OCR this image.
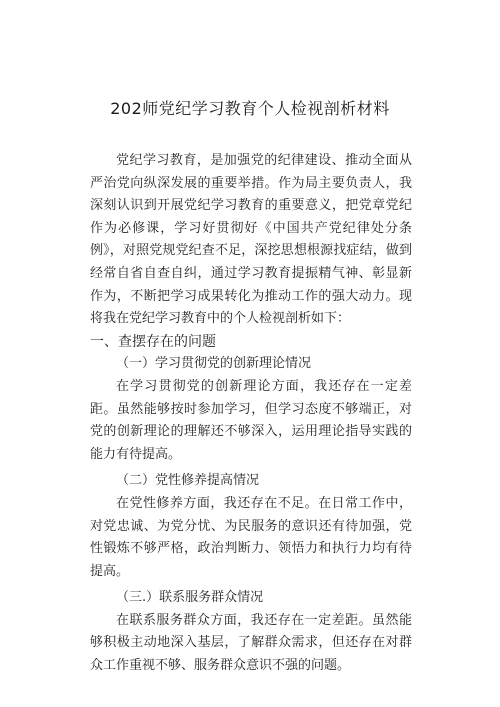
202师党纪学习教育个人检视剖析材料

党纪学习教育，是加强党的纪律建设、推动全面从严治党向纵深发展的重要举措。作为局主要负责人，我深刻认识到开展党纪学习教育的重要意义，把党章党纪作为必修课，学习好贯彻好《中国共产党纪律处分条例》，对照党规党纪查不足，深挖思想根源找症结，做到经常自省自查自纠，通过学习教育提振精气神、彰显新作为，不断把学习成果转化为推动工作的强大动力。现将我在党纪学习教育中的个人检视剖析如下：

一、查摆存在的问题

（一）学习贯彻党的创新理论情况

在学习贯彻党的创新理论方面，我还存在一定差距。虽然能够按时参加学习，但学习态度不够端正，对党的创新理论的理解还不够深入，运用理论指导实践的能力有待提高。

（二）党性修养提高情况

在党性修养方面，我还存在不足。在日常工作中，对党忠诚、为党分忧、为民服务的意识还有待加强，党性锻炼不够严格，政治判断力、领悟力和执行力均有待提高。

（三.）联系服务群众情况

在联系服务群众方面，我还存在一定差距。虽然能够积极主动地深入基层，了解群众需求，但还存在对群众工作重视不够、服务群众意识不强的问题。
